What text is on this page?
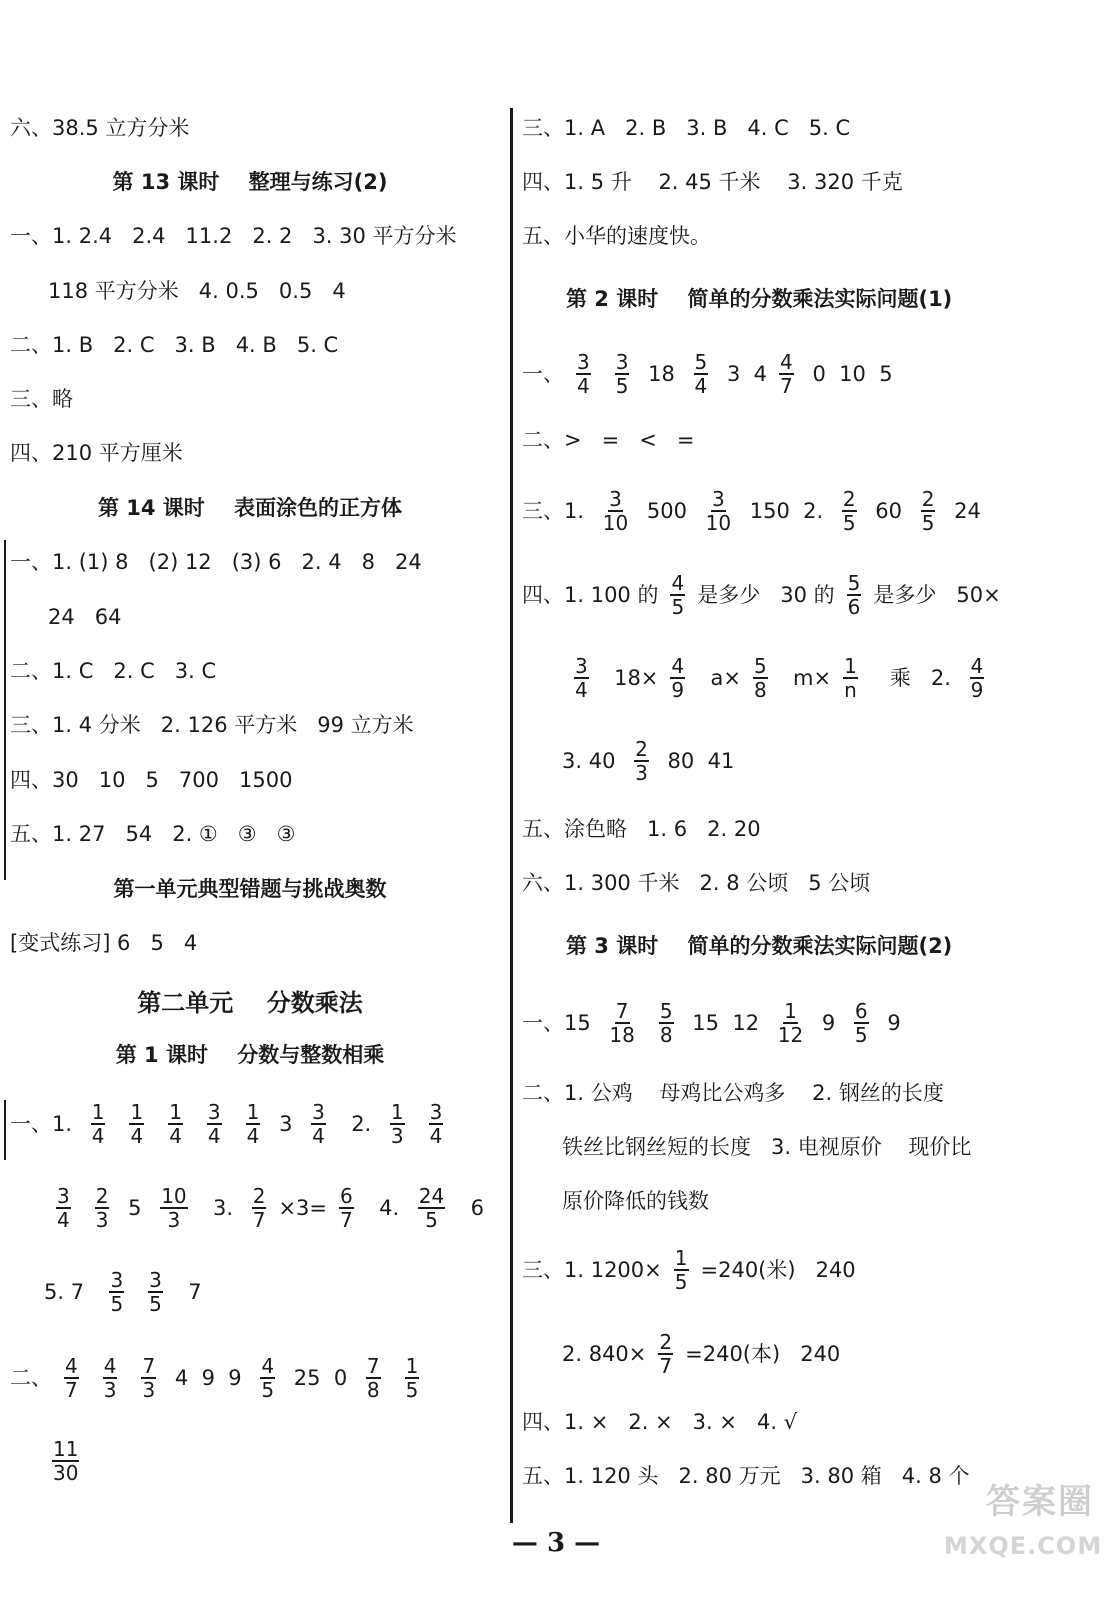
六、38.5 立方分米
第 13 课时    整理与练习(2)
一、1. 2.4   2.4   11.2   2. 2   3. 30 平方分米
118 平方分米   4. 0.5   0.5   4
二、1. B   2. C   3. B   4. B   5. C
三、略
四、210 平方厘米
第 14 课时    表面涂色的正方体
一、1. (1) 8   (2) 12   (3) 6   2. 4   8   24
24   64
二、1. C   2. C   3. C
三、1. 4 分米   2. 126 平方米   99 立方米
四、30   10   5   700   1500
五、1. 27   54   2. ①   ③   ③
第一单元典型错题与挑战奥数
[变式练习] 6   5   4
第二单元    分数乘法
第 1 课时    分数与整数相乘
一、1. $\frac{1}{4} \frac{1}{4} \frac{1}{4} \frac{3}{4} \frac{1}{4} 3 \frac{3}{4} 2$. $\frac{1}{3} \frac{3}{4}$
$\frac{3}{4} \frac{2}{3} 5 \frac{10}{3} 3$. $\frac{2}{7} \times 3= \frac{6}{7} 4$. $\frac{24}{5} 6$
5. $7 \frac{3}{5} \frac{3}{5} 7$
二、 $\frac{4}{7} \frac{4}{3} \frac{7}{3} 4$  9  $9 \frac{4}{5} 25$  $0 \frac{7}{8} \frac{1}{5}$
$\frac{11}{30}$
三、1. A   2. B   3. B   4. C   5. C
四、1. 5 升    2. 45 千米    3. 320 千克
五、小华的速度快。
第 2 课时    简单的分数乘法实际问题(1)
一、 $\frac{3}{4} \frac{3}{5} 18 \frac{5}{4} 3$  $4 \frac{4}{7} 0$  10  5
二、>   =   <   =
三、1. $\frac{3}{10} 500 \frac{3}{10} 150$  2. $\frac{2}{5} 60 \frac{2}{5} 24$
四、1. 100 的 $\frac{4}{5}$ 是多少   30 的 $\frac{5}{6}$ 是多少   50×
$\frac{3}{4} 18\times \frac{4}{9} a\times \frac{5}{8} m\times \frac{1}{n}$ 乘   2. $\frac{4}{9}$
3. $40 \frac{2}{3} 80$  41
五、涂色略   1. 6   2. 20
六、1. 300 千米   2. 8 公顷   5 公顷
第 3 课时    简单的分数乘法实际问题(2)
一、$15 \frac{7}{18} \frac{5}{8} 15$  $12 \frac{1}{12} 9 \frac{6}{5} 9$
二、1. 公鸡    母鸡比公鸡多    2. 钢丝的长度
铁丝比钢丝短的长度   3. 电视原价    现价比
原价降低的钱数
三、1. $1200\times \frac{1}{5} =240$(米)   240
2. $840\times \frac{2}{7} =240$(本)   240
四、1. ×   2. ×   3. ×   4. √
五、1. 120 头   2. 80 万元   3. 80 箱   4. 8 个
— 3 —
答案圈
MXQE.COM
